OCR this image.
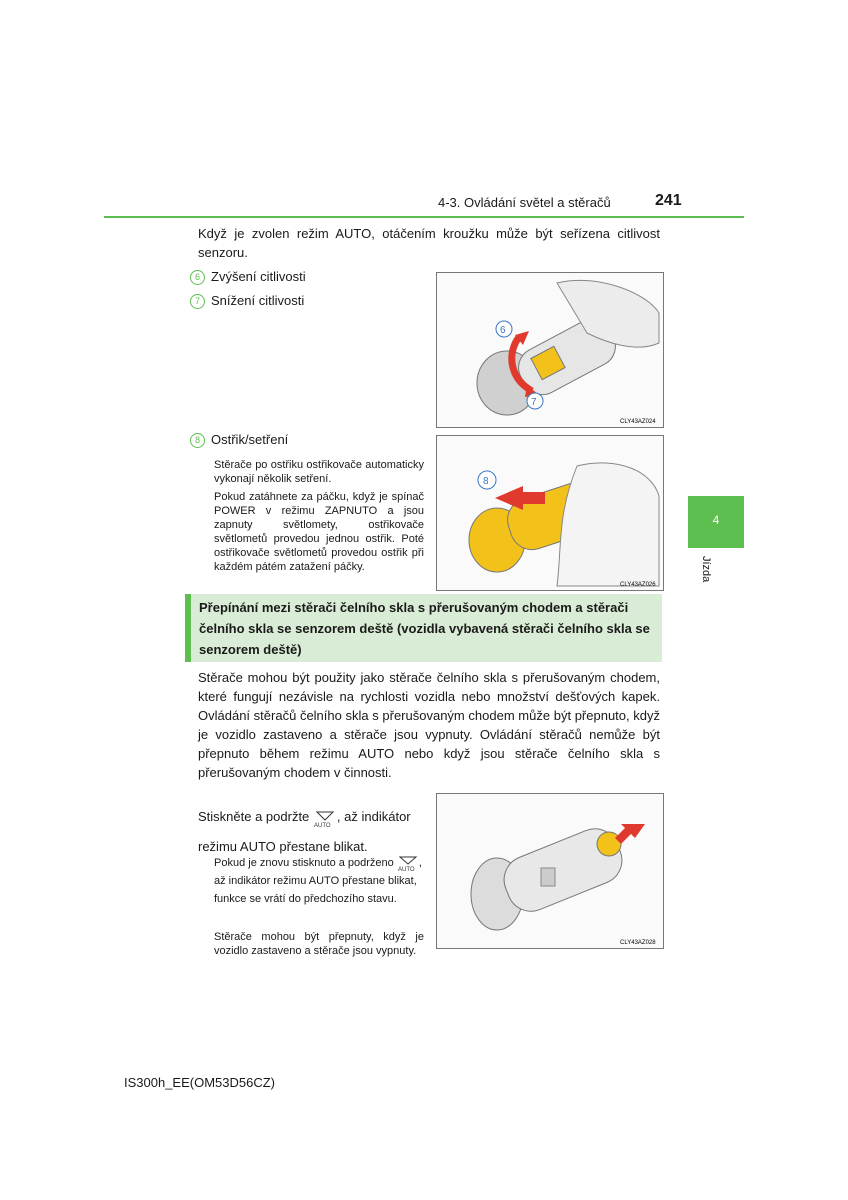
4-3. Ovládání světel a stěračů	241
4
Jízda
Když je zvolen režim AUTO, otáčením kroužku může být seřízena citlivost senzoru.
6 Zvýšení citlivosti
7 Snížení citlivosti
6
7
CLY43AZ024
8 Ostřik/setření
Stěrače po ostřiku ostřikovače automaticky vykonají několik setření.
Pokud zatáhnete za páčku, když je spínač POWER v režimu ZAPNUTO a jsou zapnuty světlomety, ostřikovače světlometů provedou jednou ostřik. Poté ostřikovače světlometů provedou ostřik při každém pátém zatažení páčky.
8
CLY43AZ026
Přepínání mezi stěrači čelního skla s přerušovaným chodem a stěrači čelního skla se senzorem deště (vozidla vybavená stěrači čelního skla se senzorem deště)
Stěrače mohou být použity jako stěrače čelního skla s přerušovaným chodem, které fungují nezávisle na rychlosti vozidla nebo množství dešťových kapek. Ovládání stěračů čelního skla s přerušovaným chodem může být přepnuto, když je vozidlo zastaveno a stěrače jsou vypnuty. Ovládání stěračů nemůže být přepnuto během režimu AUTO nebo když jsou stěrače čelního skla s přerušovaným chodem v činnosti.
Stiskněte a podržte
AUTO
, až indikátor režimu AUTO přestane blikat.
Pokud je znovu stisknuto a podrženo
AUTO
, až indikátor režimu AUTO přestane blikat, funkce se vrátí do předchozího stavu.
Stěrače mohou být přepnuty, když je vozidlo zastaveno a stěrače jsou vypnuty.
CLY43AZ028
IS300h_EE(OM53D56CZ)
